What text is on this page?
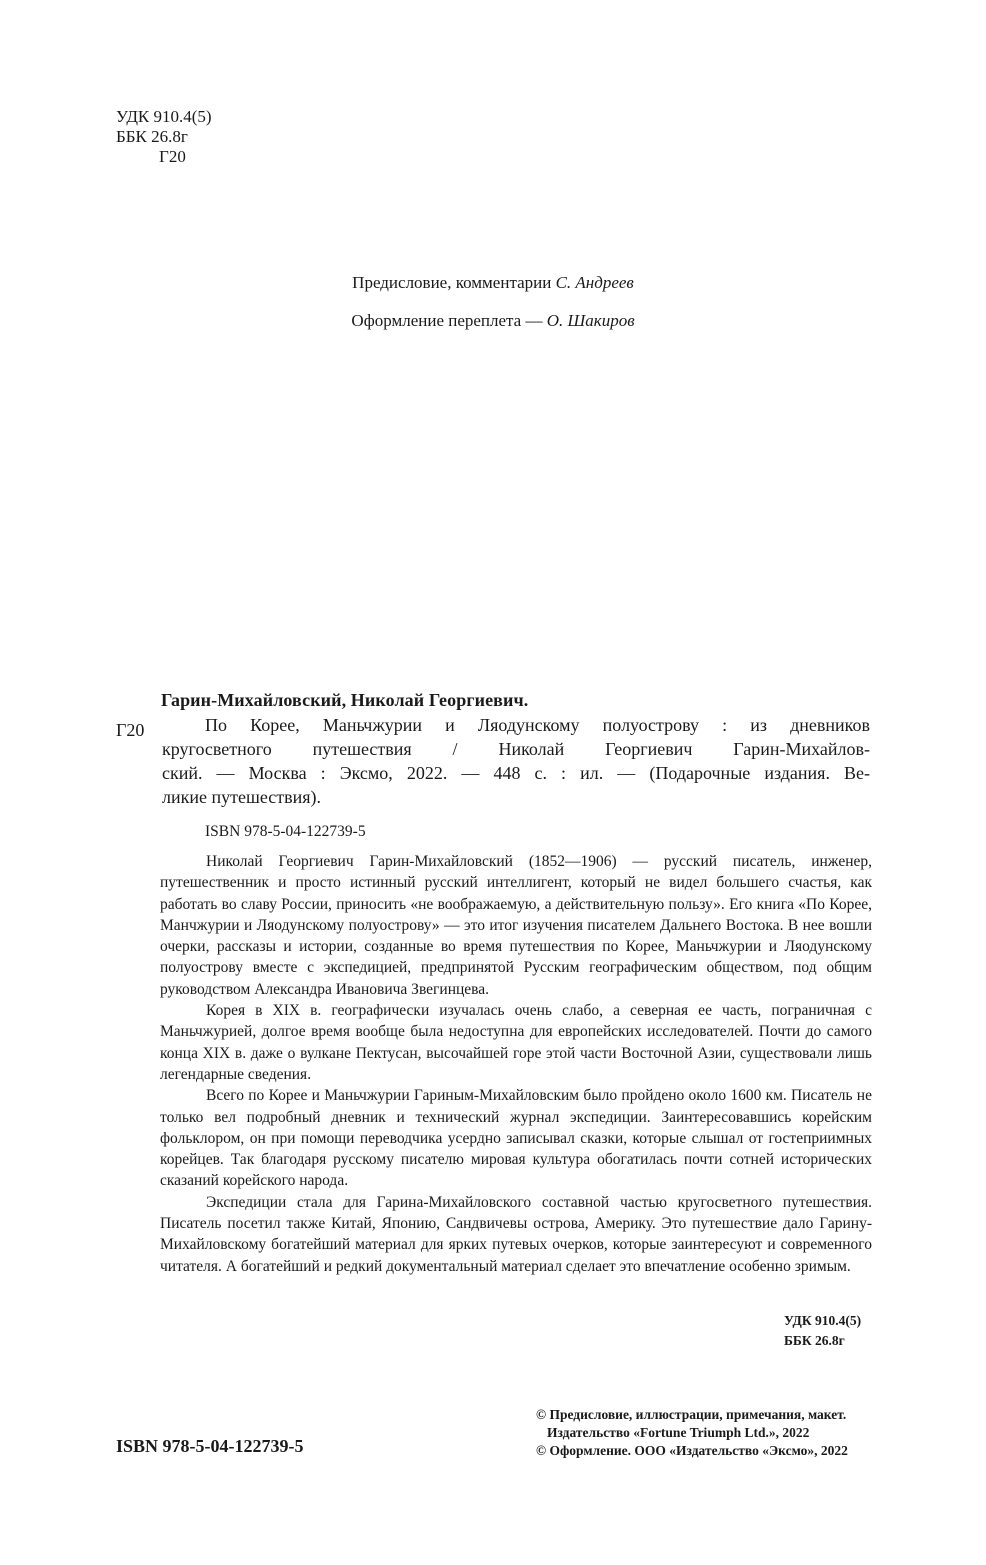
УДК 910.4(5)
ББК 26.8г
Г20
Предисловие, комментарии С. Андреев
Оформление переплета — О. Шакиров
Гарин-Михайловский, Николай Георгиевич.
Г20	По Корее, Маньчжурии и Ляодунскому полуострову : из дневников
кругосветного путешествия / Николай Георгиевич Гарин-Михайлов-
ский. — Москва : Эксмо, 2022. — 448 с. : ил. — (Подарочные издания. Ве-
ликие путешествия).
ISBN 978-5-04-122739-5

Николай Георгиевич Гарин-Михайловский (1852—1906) — русский писатель, инженер, путешественник и просто истинный русский интеллигент, который не видел большего счастья, как работать во славу России, приносить «не воображаемую, а действительную пользу». Его книга «По Корее, Манчжурии и Ляодунскому полуострову» — это итог изучения писателем Дальнего Востока. В нее вошли очерки, рассказы и истории, созданные во время путешествия по Корее, Маньчжурии и Ляодунскому полуострову вместе с экспедицией, предпринятой Русским географическим обществом, под общим руководством Александра Ивановича Звегинцева.

Корея в XIX в. географически изучалась очень слабо, а северная ее часть, пограничная с Маньчжурией, долгое время вообще была недоступна для европейских исследователей. Почти до самого конца XIX в. даже о вулкане Пектусан, высочайшей горе этой части Восточной Азии, существовали лишь легендарные сведения.

Всего по Корее и Маньчжурии Гариным-Михайловским было пройдено около 1600 км. Писатель не только вел подробный дневник и технический журнал экспедиции. Заинтересовавшись корейским фольклором, он при помощи переводчика усердно записывал сказки, которые слышал от гостеприимных корейцев. Так благодаря русскому писателю мировая культура обогатилась почти сотней исторических сказаний корейского народа.

Экспедиции стала для Гарина-Михайловского составной частью кругосветного путешествия. Писатель посетил также Китай, Японию, Сандвичевы острова, Америку. Это путешествие дало Гарину-Михайловскому богатейший материал для ярких путевых очерков, которые заинтересуют и современного читателя. А богатейший и редкий документальный материал сделает это впечатление особенно зримым.

УДК 910.4(5)
ББК 26.8г
ISBN 978-5-04-122739-5
© Предисловие, иллюстрации, примечания, макет.
Издательство «Fortune Triumph Ltd.», 2022
© Оформление. ООО «Издательство «Эксмо», 2022
